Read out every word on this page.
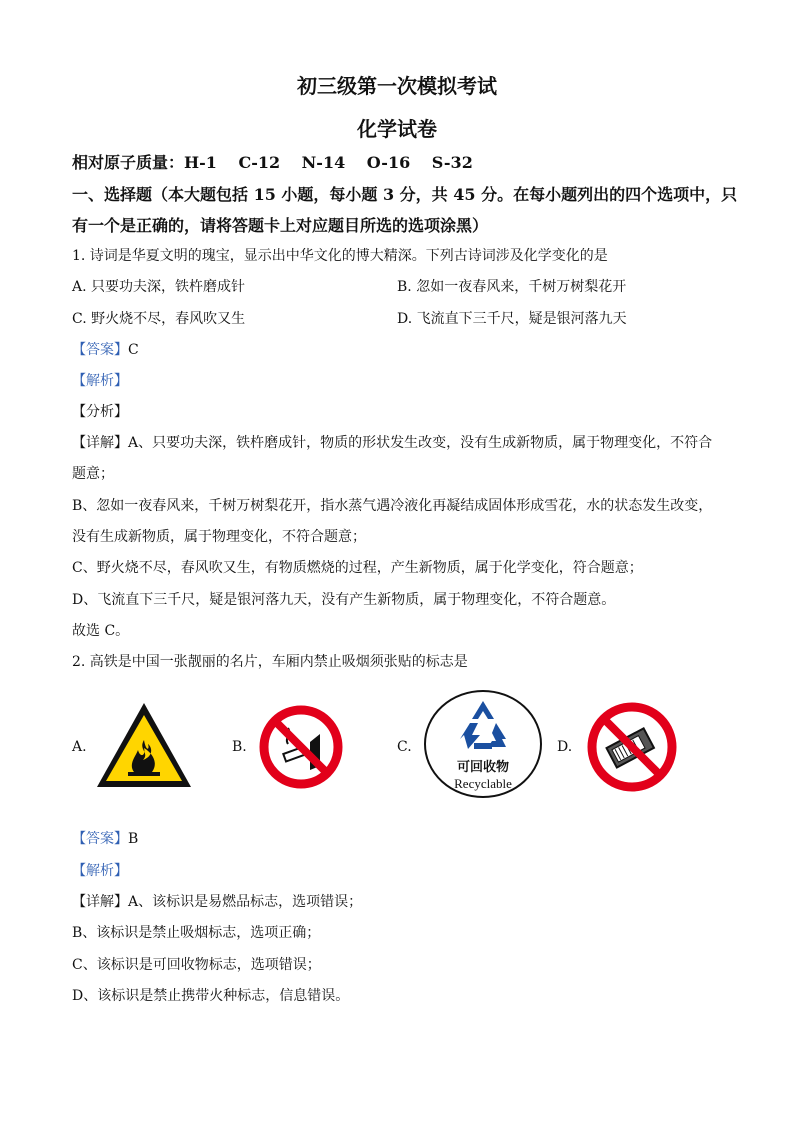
初三级第一次模拟考试
化学试卷
相对原子质量：H-1　 C-12 　N-14　 O-16　 S-32
一、选择题（本大题包括 15 小题，每小题 3 分，共 45 分。在每小题列出的四个选项中，只
有一个是正确的，请将答题卡上对应题目所选的选项涂黑）
1. 诗词是华夏文明的瑰宝，显示出中华文化的博大精深。下列古诗词涉及化学变化的是
A. 只要功夫深，铁杵磨成针	B. 忽如一夜春风来，千树万树梨花开
C. 野火烧不尽，春风吹又生	D. 飞流直下三千尺，疑是银河落九天
【答案】C
【解析】
【分析】
【详解】A、只要功夫深，铁杵磨成针，物质的形状发生改变，没有生成新物质，属于物理变化，不符合
题意；
B、忽如一夜春风来，千树万树梨花开，指水蒸气遇冷液化再凝结成固体形成雪花，水的状态发生改变，
没有生成新物质，属于物理变化，不符合题意；
C、野火烧不尽，春风吹又生，有物质燃烧的过程，产生新物质，属于化学变化，符合题意；
D、飞流直下三千尺，疑是银河落九天，没有产生新物质，属于物理变化，不符合题意。
故选 C。
2. 高铁是中国一张靓丽的名片，车厢内禁止吸烟须张贴的标志是
A.	B.	C.
可回收物
Recyclable
D.
【答案】B
【解析】
【详解】A、该标识是易燃品标志，选项错误；
B、该标识是禁止吸烟标志，选项正确；
C、该标识是可回收物标志，选项错误；
D、该标识是禁止携带火种标志，信息错误。
